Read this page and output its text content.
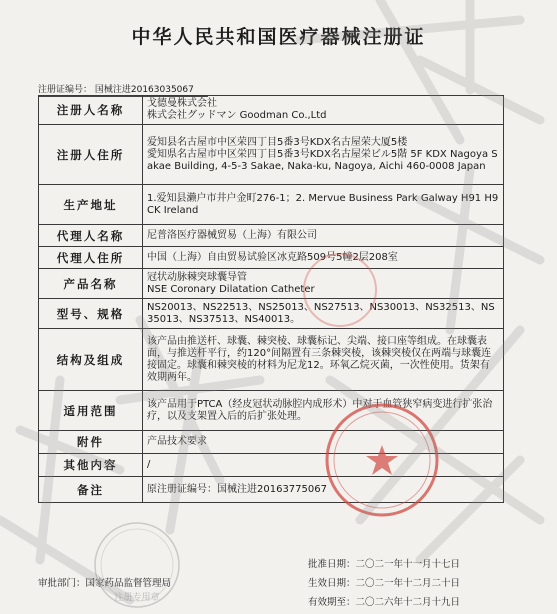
中华人民共和国医疗器械注册证
注册证编号： 国械注进20163035067
注册人名称	戈德曼株式会社
株式会社グッドマン Goodman Co.,Ltd

注册人住所	爱知县名古屋市中区荣四丁目5番3号KDX名古屋荣大厦5楼
愛知県名古屋市中区栄四丁目5番3号KDX名古屋栄ビル5階 5F KDX Nagoya Sakae Building, 4-5-3 Sakae, Naka-ku, Nagoya, Aichi 460-0008 Japan

生产地址	1.爱知县濑户市井户金町276-1；2. Mervue Business Park Galway H91 H9CK Ireland

代理人名称	尼普洛医疗器械贸易（上海）有限公司

代理人住所	中国（上海）自由贸易试验区冰克路509号5幢2层208室

产品名称	冠状动脉棘突球囊导管
NSE Coronary Dilatation Catheter

型号、规格	NS20013、NS22513、NS25013、NS27513、NS30013、NS32513、NS35013、NS37513、NS40013。

结构及组成	该产品由推送杆、球囊、棘突棱、球囊标记、尖端、接口座等组成。在球囊表面，与推送杆平行，约120°间隔置有三条棘突棱，该棘突棱仅在两端与球囊连接固定。球囊和棘突棱的材料为尼龙12。环氧乙烷灭菌，一次性使用。货架有效期两年。

适用范围	该产品用于PTCA（经皮冠状动脉腔内成形术）中对于血管狭窄病变进行扩张治疗，以及支架置入后的后扩张处理。

附件	产品技术要求

其他内容	/

备注	原注册证编号：国械注进20163775067
审批部门：国家药品监督管理局
批准日期：二〇二一年十一月十七日
生效日期：二〇二一年十二月二十日
有效期至：二〇二六年十二月十九日
注册专用章
